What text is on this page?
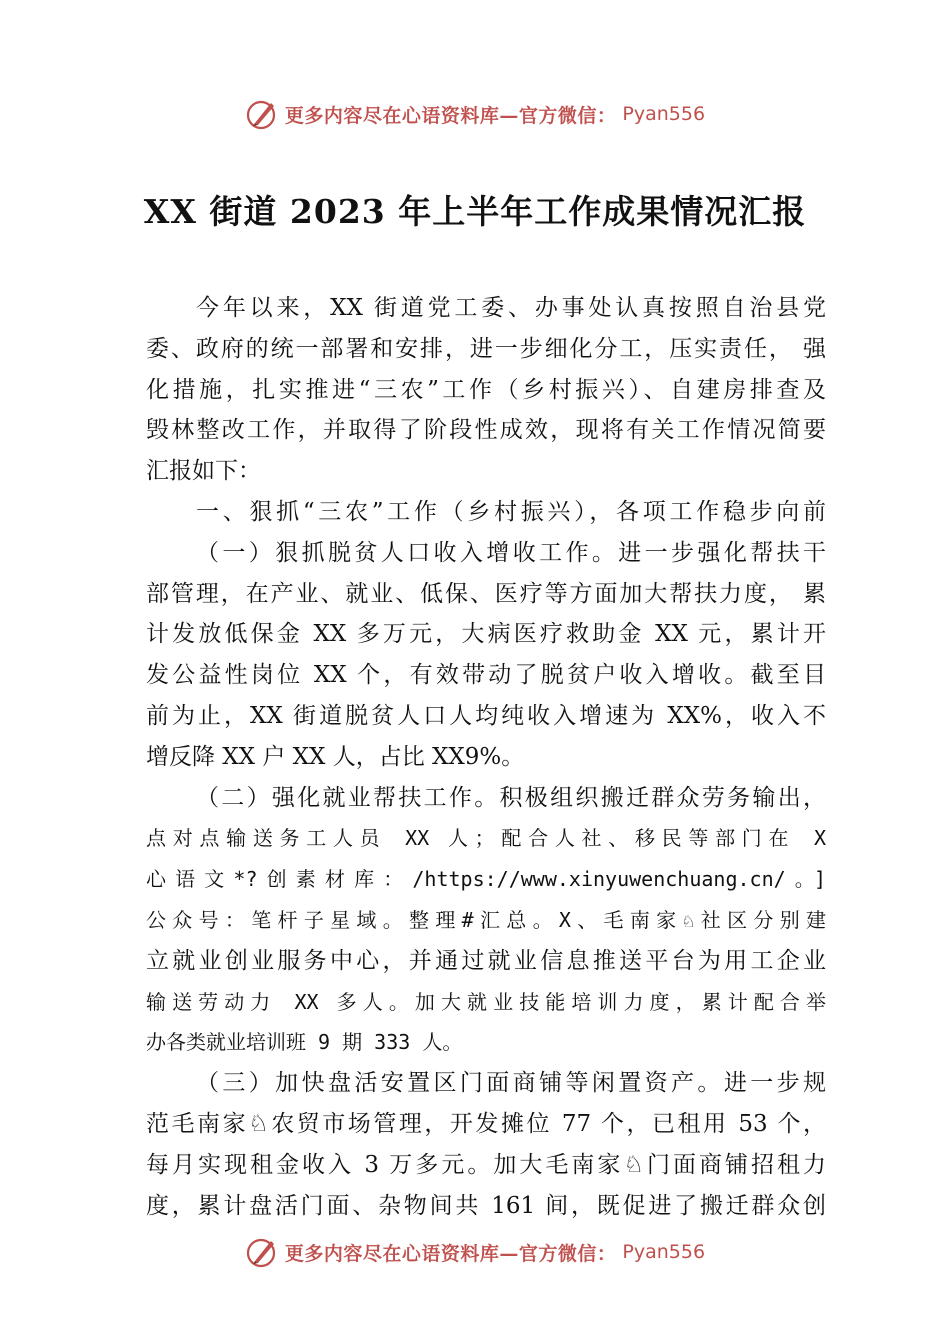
更多内容尽在心语资料库—官方微信： Pyan556
XX 街道 2023 年上半年工作成果情况汇报
今年以来，XX 街道党工委、办事处认真按照自治县党
委、政府的统一部署和安排，进一步细化分工，压实责任， 强
化措施，扎实推进“三农”工作（乡村振兴）、自建房排查及
毁林整改工作，并取得了阶段性成效，现将有关工作情况简要
汇报如下：
一、狠抓“三农”工作（乡村振兴），各项工作稳步向前
（一）狠抓脱贫人口收入增收工作。进一步强化帮扶干
部管理，在产业、就业、低保、医疗等方面加大帮扶力度， 累
计发放低保金 XX 多万元，大病医疗救助金 XX 元，累计开
发公益性岗位 XX 个，有效带动了脱贫户收入增收。截至目
前为止，XX 街道脱贫人口人均纯收入增速为 XX%，收入不
增反降 XX 户 XX 人，占比 XX9%。
（二）强化就业帮扶工作。积极组织搬迁群众劳务输出，
点对点输送务工人员 XX 人；配合人社、移民等部门在 X
心语文*?创素材库：/https://www.xinyuwenchuang.cn/。]
公众号：笔杆子星域。整理#汇总。X、毛南家♘社区分别建
立就业创业服务中心，并通过就业信息推送平台为用工企业
输送劳动力 XX 多人。加大就业技能培训力度，累计配合举
办各类就业培训班 9 期 333 人。
（三）加快盘活安置区门面商铺等闲置资产。进一步规
范毛南家♘农贸市场管理，开发摊位 77 个，已租用 53 个，
每月实现租金收入 3 万多元。加大毛南家♘门面商铺招租力
度，累计盘活门面、杂物间共 161 间，既促进了搬迁群众创
更多内容尽在心语资料库—官方微信： Pyan556
